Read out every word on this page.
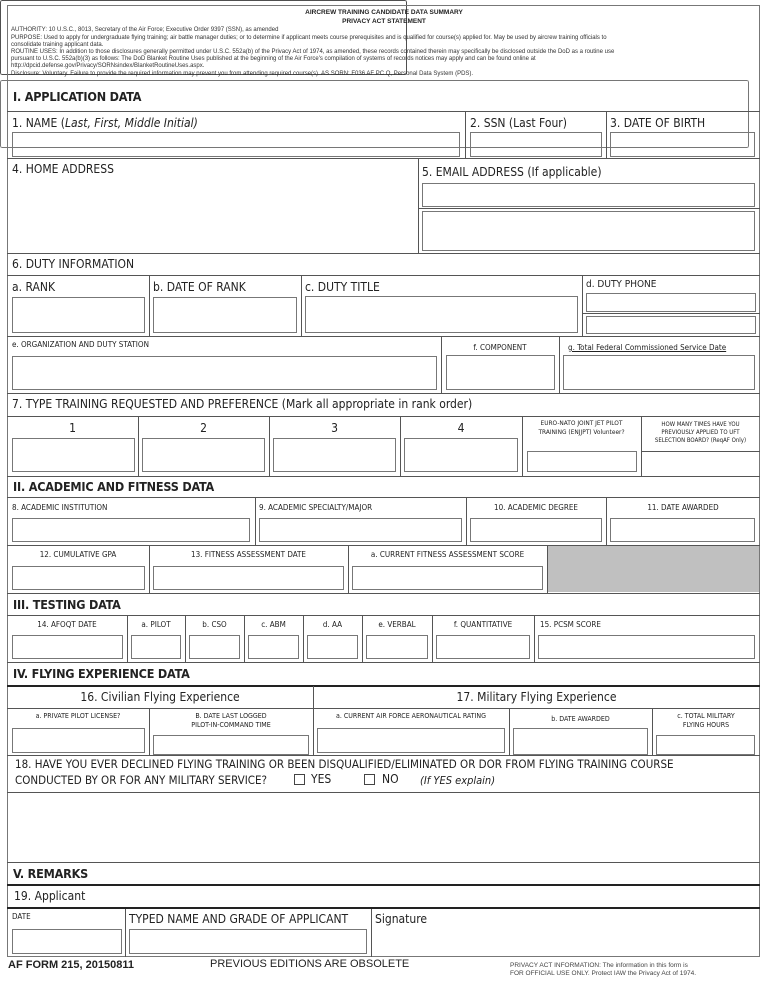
AIRCREW TRAINING CANDIDATE DATA SUMMARY
PRIVACY ACT STATEMENT
AUTHORITY: 10 U.S.C., 8013, Secretary of the Air Force; Executive Order 9397 (SSN), as amended
PURPOSE: Used to apply for undergraduate flying training; air battle manager duties; or to determine if applicant meets course prerequisites and is qualified for course(s) applied for. May be used by aircrew training officials to
consolidate training applicant data.
ROUTINE USES: In addition to those disclosures generally permitted under U.S.C. 552a(b) of the Privacy Act of 1974, as amended, these records contained therein may specifically be disclosed outside the DoD as a routine use
pursuant to U.S.C. 552a(b)(3) as follows: The DoD Blanket Routine Uses published at the beginning of the Air Force's compilation of systems of records notices may apply and can be found online at
http://dpcid.defense.gov/Privacy/SORNsindex/BlanketRoutineUses.aspx.
Disclosure: Voluntary. Failure to provide the required information may prevent you from attending required course(s). AS SORN: F036 AF PC Q, Personal Data System (PDS).
I. APPLICATION DATA
1. NAME (Last, First, Middle Initial)	2. SSN (Last Four)	3. DATE OF BIRTH
4. HOME ADDRESS	5. EMAIL ADDRESS (If applicable)

6. DUTY INFORMATION
a. RANK	b. DATE OF RANK	c. DUTY TITLE	d. DUTY PHONE
e. ORGANIZATION AND DUTY STATION	f. COMPONENT	g. Total Federal Commissioned Service Date
7. TYPE TRAINING REQUESTED AND PREFERENCE (Mark all appropriate in rank order)
1	2	3	4	EURO-NATO JOINT JET PILOT
TRAINING (ENJJPT) Volunteer?
HOW MANY TIMES HAVE YOU
PREVIOUSLY APPLIED TO UFT
SELECTION BOARD? (ReqAF Only)
II. ACADEMIC AND FITNESS DATA
8. ACADEMIC INSTITUTION	9. ACADEMIC SPECIALTY/MAJOR	10. ACADEMIC DEGREE	11. DATE AWARDED
12. CUMULATIVE GPA	13. FITNESS ASSESSMENT DATE	a. CURRENT FITNESS ASSESSMENT SCORE
III. TESTING DATA
14. AFOQT DATE	a. PILOT	b. CSO	c. ABM	d. AA	e. VERBAL	f. QUANTITATIVE	15. PCSM SCORE
IV. FLYING EXPERIENCE DATA
16. Civilian Flying Experience	17. Military Flying Experience
a. PRIVATE PILOT LICENSE?	B. DATE LAST LOGGED
PILOT-IN-COMMAND TIME
a. CURRENT AIR FORCE AERONAUTICAL RATING	b. DATE AWARDED	c. TOTAL MILITARY
FLYING HOURS
18. HAVE YOU EVER DECLINED FLYING TRAINING OR BEEN DISQUALIFIED/ELIMINATED OR DOR FROM FLYING TRAINING COURSE
CONDUCTED BY OR FOR ANY MILITARY SERVICE?	YES	NO (If YES explain)
V. REMARKS
19. Applicant
DATE	TYPED NAME AND GRADE OF APPLICANT Signature
AF FORM 215, 20150811	PREVIOUS EDITIONS ARE OBSOLETE	PRIVACY ACT INFORMATION: The information in this form is
FOR OFFICIAL USE ONLY. Protect IAW the Privacy Act of 1974.
